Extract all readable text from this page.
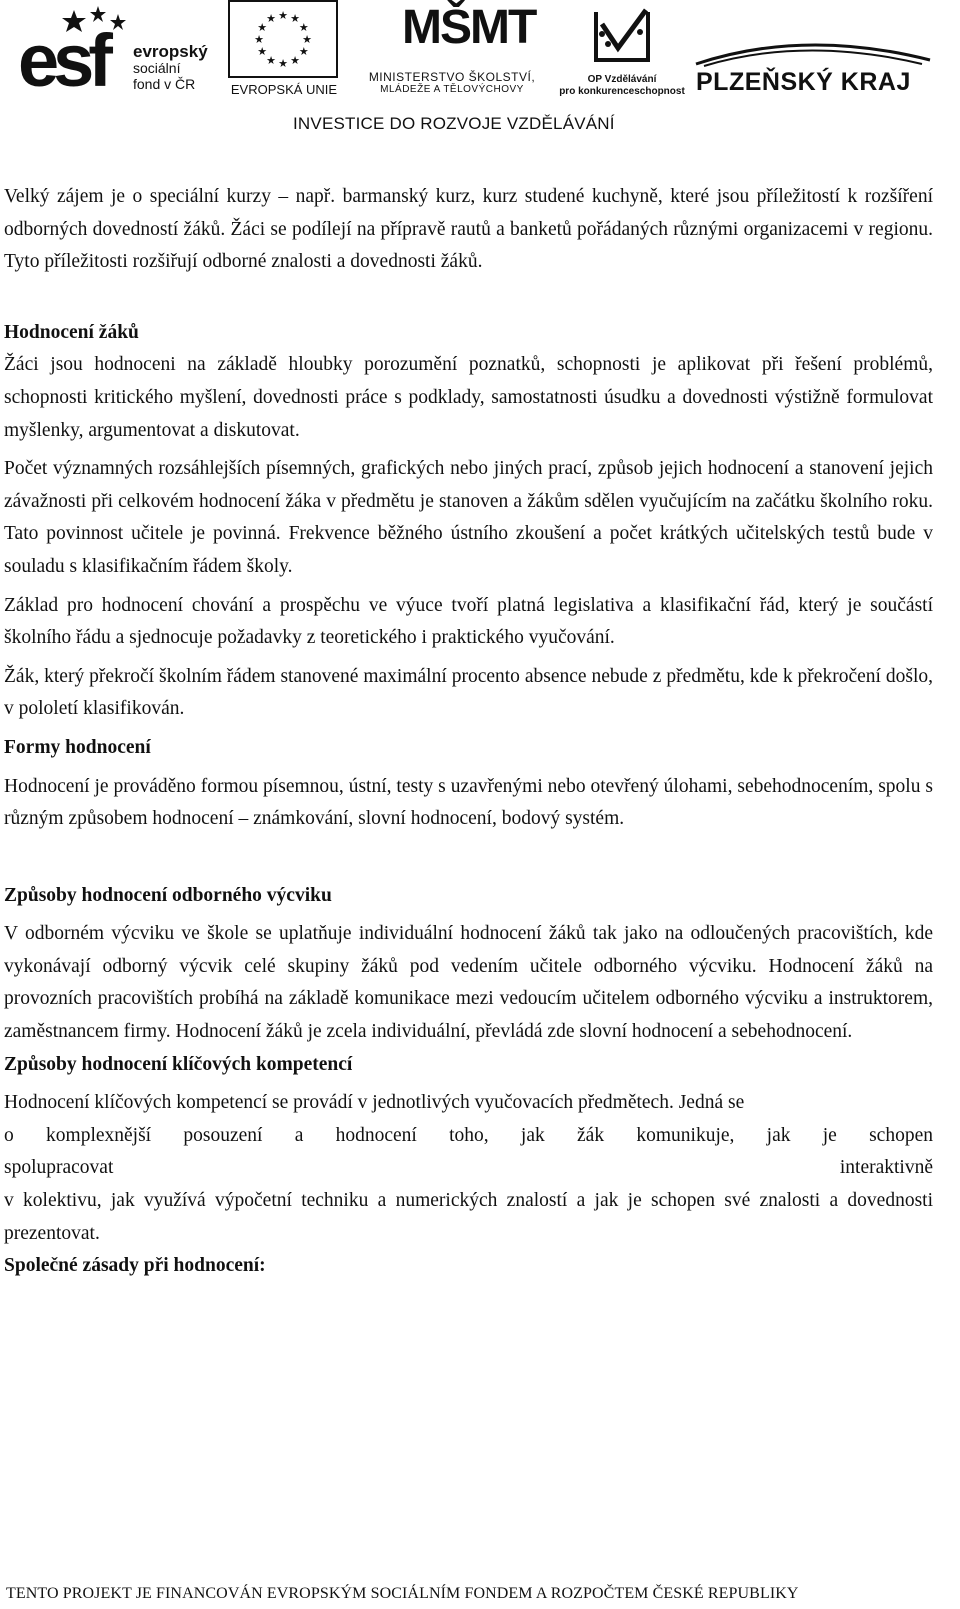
esf evropský
sociální
fond v ČR
★ ★
★
★
★
★
★
★
★
★
★
★
EVROPSKÁ UNIE
MŠMT
MINISTERSTVO ŠKOLSTVÍ,
MLÁDEŽE A TĚLOVÝCHOVY
OP Vzdělávání
pro konkurenceschopnost PLZEŇSKÝ KRAJ
INVESTICE DO ROZVOJE VZDĚLÁVÁNÍ

Velký zájem je o speciální kurzy – např. barmanský kurz, kurz studené kuchyně, které jsou příležitostí k rozšíření odborných dovedností žáků. Žáci se podílejí na přípravě rautů a banketů pořádaných různými organizacemi v regionu. Tyto příležitosti rozšiřují odborné znalosti a dovednosti žáků.

Hodnocení žáků

Žáci jsou hodnoceni na základě hloubky porozumění poznatků, schopnosti je aplikovat při řešení problémů, schopnosti kritického myšlení, dovednosti práce s podklady, samostatnosti úsudku a dovednosti výstižně formulovat myšlenky, argumentovat a diskutovat.

Počet významných rozsáhlejších písemných, grafických nebo jiných prací, způsob jejich hodnocení a stanovení jejich závažnosti při celkovém hodnocení žáka v předmětu je stanoven a žákům sdělen vyučujícím na začátku školního roku. Tato povinnost učitele je povinná. Frekvence běžného ústního zkoušení a počet krátkých učitelských testů bude v souladu s klasifikačním řádem školy.

Základ pro hodnocení chování a prospěchu ve výuce tvoří platná legislativa a klasifikační řád, který je součástí školního řádu a sjednocuje požadavky z teoretického i praktického vyučování.

Žák, který překročí školním řádem stanovené maximální procento absence nebude z předmětu, kde k překročení došlo, v pololetí klasifikován.

Formy hodnocení

Hodnocení je prováděno formou písemnou, ústní, testy s uzavřenými nebo otevřený úlohami, sebehodnocením, spolu s různým způsobem hodnocení – známkování, slovní hodnocení, bodový systém.

Způsoby hodnocení odborného výcviku

V odborném výcviku ve škole se uplatňuje individuální hodnocení žáků tak jako na odloučených pracovištích, kde vykonávají odborný výcvik celé skupiny žáků pod vedením učitele odborného výcviku. Hodnocení žáků na provozních pracovištích probíhá na základě komunikace mezi vedoucím učitelem odborného výcviku a instruktorem, zaměstnancem firmy. Hodnocení žáků je zcela individuální, převládá zde slovní hodnocení a sebehodnocení.

Způsoby hodnocení klíčových kompetencí

Hodnocení klíčových kompetencí se provádí v jednotlivých vyučovacích předmětech. Jedná se

o komplexnější posouzení a hodnocení toho, jak žák komunikuje, jak je schopen

spolupracovat	interaktivně

v kolektivu, jak využívá výpočetní techniku a numerických znalostí a jak je schopen své znalosti a dovednosti prezentovat.

Společné zásady při hodnocení:
TENTO PROJEKT JE FINANCOVÁN EVROPSKÝM SOCIÁLNÍM FONDEM A ROZPOČTEM ČESKÉ REPUBLIKY
